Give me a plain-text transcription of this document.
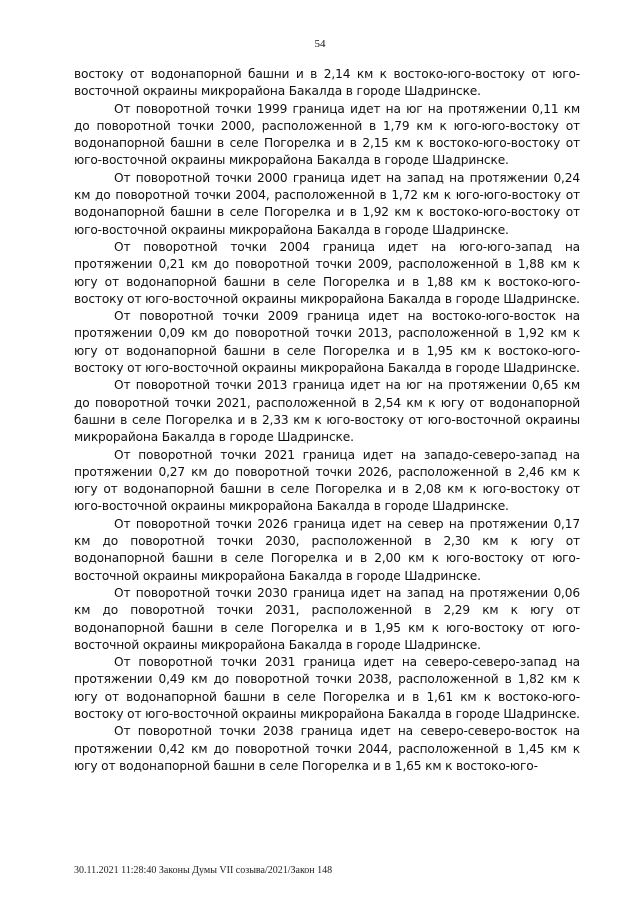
54

востоку от водонапорной башни и в 2,14 км к востоко-юго-востоку от юго-восточной окраины микрорайона Бакалда в городе Шадринске.

От поворотной точки 1999 граница идет на юг на протяжении 0,11 км до поворотной точки 2000, расположенной в 1,79 км к юго-юго-востоку от водонапорной башни в селе Погорелка и в 2,15 км к востоко-юго-востоку от юго-восточной окраины микрорайона Бакалда в городе Шадринске.

От поворотной точки 2000 граница идет на запад на протяжении 0,24 км до поворотной точки 2004, расположенной в 1,72 км к юго-юго-востоку от водонапорной башни в селе Погорелка и в 1,92 км к востоко-юго-востоку от юго-восточной окраины микрорайона Бакалда в городе Шадринске.

От поворотной точки 2004 граница идет на юго-юго-запад на протяжении 0,21 км до поворотной точки 2009, расположенной в 1,88 км к югу от водонапорной башни в селе Погорелка и в 1,88 км к востоко-юго-востоку от юго-восточной окраины микрорайона Бакалда в городе Шадринске.

От поворотной точки 2009 граница идет на востоко-юго-восток на протяжении 0,09 км до поворотной точки 2013, расположенной в 1,92 км к югу от водонапорной башни в селе Погорелка и в 1,95 км к востоко-юго-востоку от юго-восточной окраины микрорайона Бакалда в городе Шадринске.

От поворотной точки 2013 граница идет на юг на протяжении 0,65 км до поворотной точки 2021, расположенной в 2,54 км к югу от водонапорной башни в селе Погорелка и в 2,33 км к юго-востоку от юго-восточной окраины микрорайона Бакалда в городе Шадринске.

От поворотной точки 2021 граница идет на западо-северо-запад на протяжении 0,27 км до поворотной точки 2026, расположенной в 2,46 км к югу от водонапорной башни в селе Погорелка и в 2,08 км к юго-востоку от юго-восточной окраины микрорайона Бакалда в городе Шадринске.

От поворотной точки 2026 граница идет на север на протяжении 0,17 км до поворотной точки 2030, расположенной в 2,30 км к югу от водонапорной башни в селе Погорелка и в 2,00 км к юго-востоку от юго-восточной окраины микрорайона Бакалда в городе Шадринске.

От поворотной точки 2030 граница идет на запад на протяжении 0,06 км до поворотной точки 2031, расположенной в 2,29 км к югу от водонапорной башни в селе Погорелка и в 1,95 км к юго-востоку от юго-восточной окраины микрорайона Бакалда в городе Шадринске.

От поворотной точки 2031 граница идет на северо-северо-запад на протяжении 0,49 км до поворотной точки 2038, расположенной в 1,82 км к югу от водонапорной башни в селе Погорелка и в 1,61 км к востоко-юго-востоку от юго-восточной окраины микрорайона Бакалда в городе Шадринске.

От поворотной точки 2038 граница идет на северо-северо-восток на протяжении 0,42 км до поворотной точки 2044, расположенной в 1,45 км к югу от водонапорной башни в селе Погорелка и в 1,65 км к востоко-юго-

30.11.2021 11:28:40 Законы Думы VII созыва/2021/Закон 148
